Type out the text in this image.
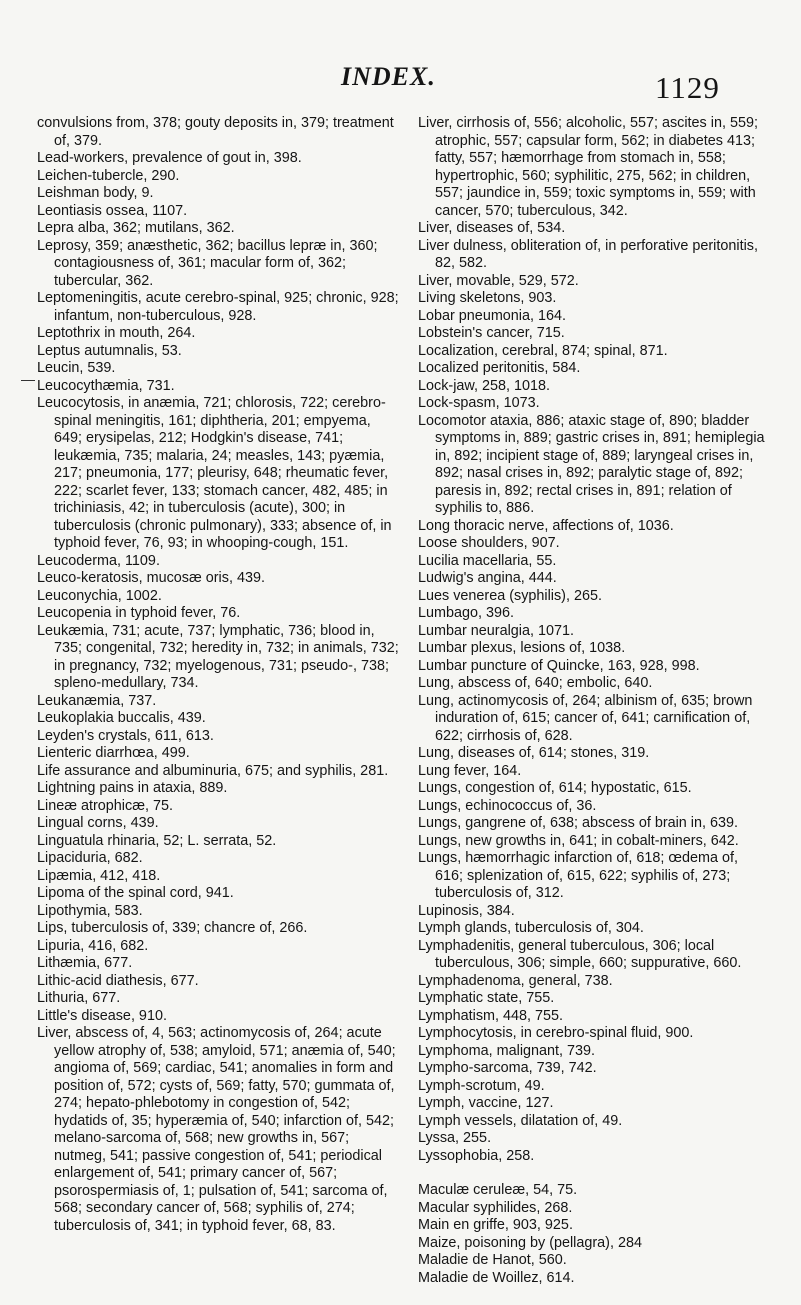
INDEX.	1129
convulsions from, 378; gouty deposits in, 379; treatment of, 379.
Lead-workers, prevalence of gout in, 398.
Leichen-tubercle, 290.
Leishman body, 9.
Leontiasis ossea, 1107.
Lepra alba, 362; mutilans, 362.
Leprosy, 359; anæsthetic, 362; bacillus lepræ in, 360; contagiousness of, 361; macular form of, 362; tubercular, 362.
Leptomeningitis, acute cerebro-spinal, 925; chronic, 928; infantum, non-tuberculous, 928.
Leptothrix in mouth, 264.
Leptus autumnalis, 53.
Leucin, 539.
Leucocythæmia, 731.
Leucocytosis, in anæmia, 721; chlorosis, 722; cerebro-spinal meningitis, 161; diphtheria, 201; empyema, 649; erysipelas, 212; Hodgkin's disease, 741; leukæmia, 735; malaria, 24; measles, 143; pyæmia, 217; pneumonia, 177; pleurisy, 648; rheumatic fever, 222; scarlet fever, 133; stomach cancer, 482, 485; in trichiniasis, 42; in tuberculosis (acute), 300; in tuberculosis (chronic pulmonary), 333; absence of, in typhoid fever, 76, 93; in whooping-cough, 151.
Leucoderma, 1109.
Leuco-keratosis, mucosæ oris, 439.
Leuconychia, 1002.
Leucopenia in typhoid fever, 76.
Leukæmia, 731; acute, 737; lymphatic, 736; blood in, 735; congenital, 732; heredity in, 732; in animals, 732; in pregnancy, 732; myelogenous, 731; pseudo-, 738; spleno-medullary, 734.
Leukanæmia, 737.
Leukoplakia buccalis, 439.
Leyden's crystals, 611, 613.
Lienteric diarrhœa, 499.
Life assurance and albuminuria, 675; and syphilis, 281.
Lightning pains in ataxia, 889.
Lineæ atrophicæ, 75.
Lingual corns, 439.
Linguatula rhinaria, 52; L. serrata, 52.
Lipaciduria, 682.
Lipæmia, 412, 418.
Lipoma of the spinal cord, 941.
Lipothymia, 583.
Lips, tuberculosis of, 339; chancre of, 266.
Lipuria, 416, 682.
Lithæmia, 677.
Lithic-acid diathesis, 677.
Lithuria, 677.
Little's disease, 910.
Liver, abscess of, 4, 563; actinomycosis of, 264; acute yellow atrophy of, 538; amyloid, 571; anæmia of, 540; angioma of, 569; cardiac, 541; anomalies in form and position of, 572; cysts of, 569; fatty, 570; gummata of, 274; hepato-phlebotomy in congestion of, 542; hydatids of, 35; hyperæmia of, 540; infarction of, 542; melano-sarcoma of, 568; new growths in, 567; nutmeg, 541; passive congestion of, 541; periodical enlargement of, 541; primary cancer of, 567; psorospermiasis of, 1; pulsation of, 541; sarcoma of, 568; secondary cancer of, 568; syphilis of, 274; tuberculosis of, 341; in typhoid fever, 68, 83.
Liver, cirrhosis of, 556; alcoholic, 557; ascites in, 559; atrophic, 557; capsular form, 562; in diabetes 413; fatty, 557; hæmorrhage from stomach in, 558; hypertrophic, 560; syphilitic, 275, 562; in children, 557; jaundice in, 559; toxic symptoms in, 559; with cancer, 570; tuberculous, 342.
Liver, diseases of, 534.
Liver dulness, obliteration of, in perforative peritonitis, 82, 582.
Liver, movable, 529, 572.
Living skeletons, 903.
Lobar pneumonia, 164.
Lobstein's cancer, 715.
Localization, cerebral, 874; spinal, 871.
Localized peritonitis, 584.
Lock-jaw, 258, 1018.
Lock-spasm, 1073.
Locomotor ataxia, 886; ataxic stage of, 890; bladder symptoms in, 889; gastric crises in, 891; hemiplegia in, 892; incipient stage of, 889; laryngeal crises in, 892; nasal crises in, 892; paralytic stage of, 892; paresis in, 892; rectal crises in, 891; relation of syphilis to, 886.
Long thoracic nerve, affections of, 1036.
Loose shoulders, 907.
Lucilia macellaria, 55.
Ludwig's angina, 444.
Lues venerea (syphilis), 265.
Lumbago, 396.
Lumbar neuralgia, 1071.
Lumbar plexus, lesions of, 1038.
Lumbar puncture of Quincke, 163, 928, 998.
Lung, abscess of, 640; embolic, 640.
Lung, actinomycosis of, 264; albinism of, 635; brown induration of, 615; cancer of, 641; carnification of, 622; cirrhosis of, 628.
Lung, diseases of, 614; stones, 319.
Lung fever, 164.
Lungs, congestion of, 614; hypostatic, 615.
Lungs, echinococcus of, 36.
Lungs, gangrene of, 638; abscess of brain in, 639.
Lungs, new growths in, 641; in cobalt-miners, 642.
Lungs, hæmorrhagic infarction of, 618; œdema of, 616; splenization of, 615, 622; syphilis of, 273; tuberculosis of, 312.
Lupinosis, 384.
Lymph glands, tuberculosis of, 304.
Lymphadenitis, general tuberculous, 306; local tuberculous, 306; simple, 660; suppurative, 660.
Lymphadenoma, general, 738.
Lymphatic state, 755.
Lymphatism, 448, 755.
Lymphocytosis, in cerebro-spinal fluid, 900.
Lymphoma, malignant, 739.
Lympho-sarcoma, 739, 742.
Lymph-scrotum, 49.
Lymph, vaccine, 127.
Lymph vessels, dilatation of, 49.
Lyssa, 255.
Lyssophobia, 258.
Maculæ ceruleæ, 54, 75.
Macular syphilides, 268.
Main en griffe, 903, 925.
Maize, poisoning by (pellagra), 284
Maladie de Hanot, 560.
Maladie de Woillez, 614.
